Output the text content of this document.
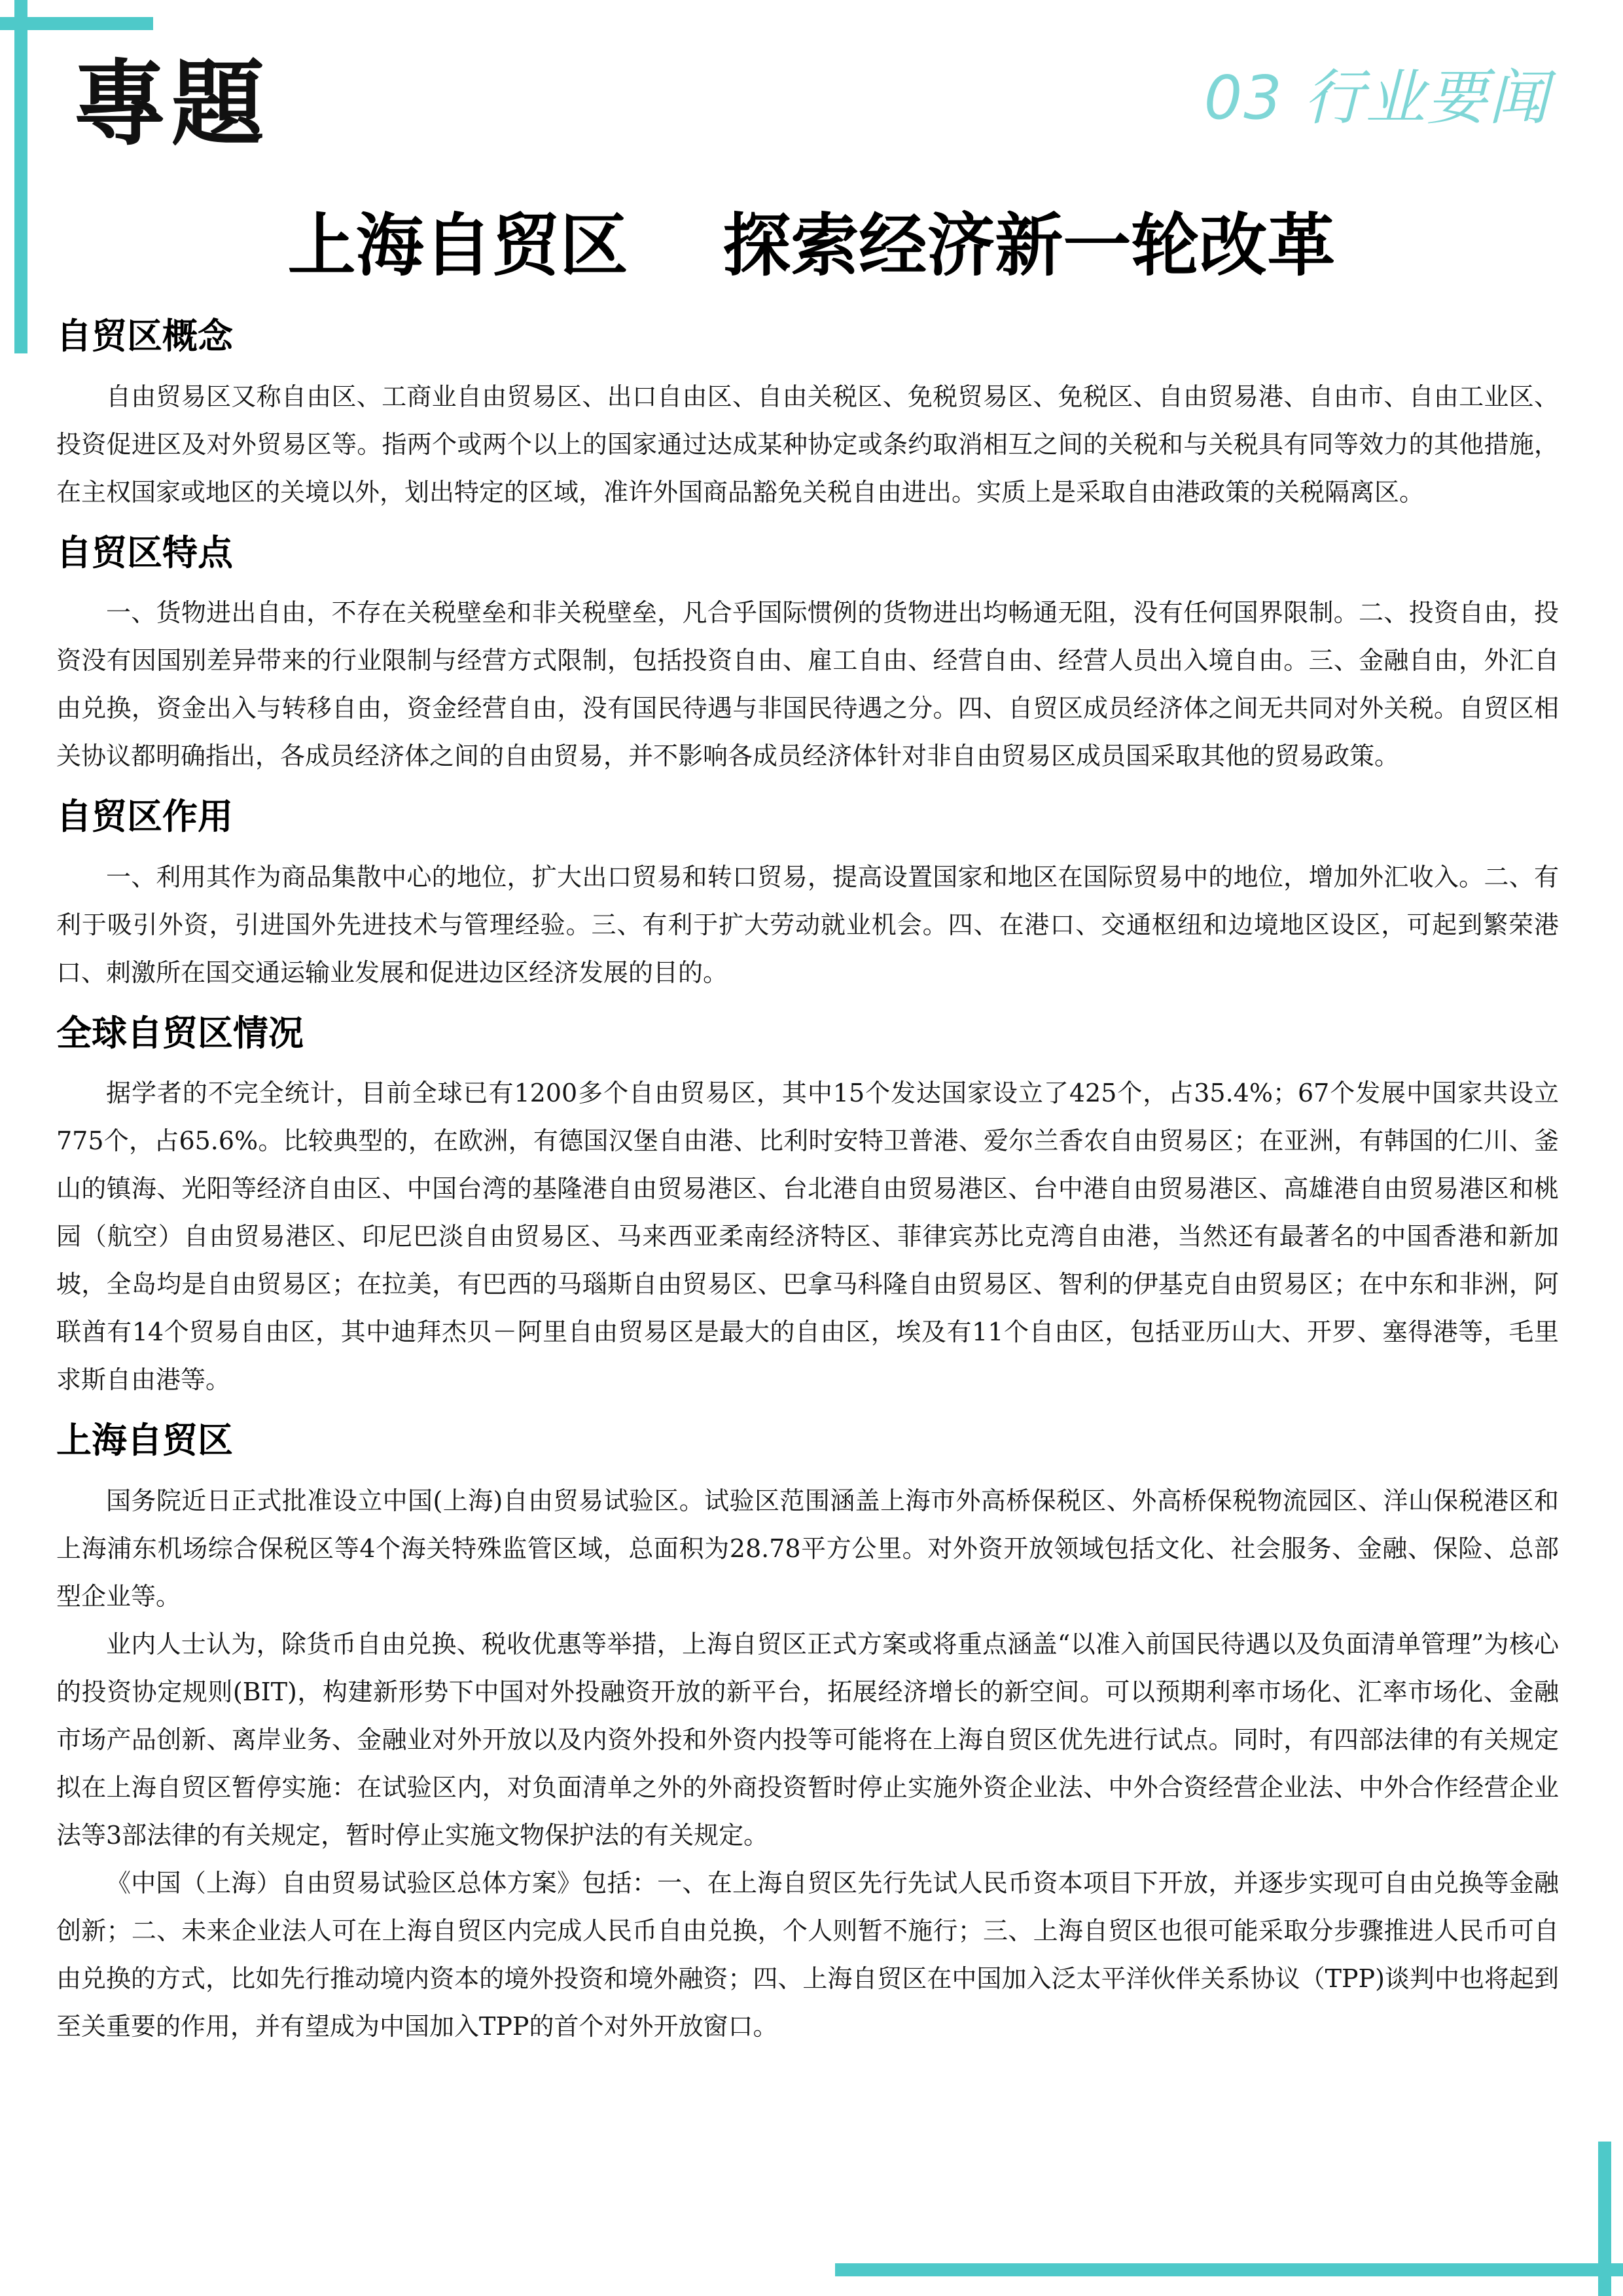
專題	03 行业要闻
上海自贸区    探索经济新一轮改革
自贸区概念

自由贸易区又称自由区、工商业自由贸易区、出口自由区、自由关税区、免税贸易区、免税区、自由贸易港、自由市、自由工业区、投资促进区及对外贸易区等。指两个或两个以上的国家通过达成某种协定或条约取消相互之间的关税和与关税具有同等效力的其他措施，在主权国家或地区的关境以外，划出特定的区域，准许外国商品豁免关税自由进出。实质上是采取自由港政策的关税隔离区。

自贸区特点

一、货物进出自由，不存在关税壁垒和非关税壁垒，凡合乎国际惯例的货物进出均畅通无阻，没有任何国界限制。二、投资自由，投资没有因国别差异带来的行业限制与经营方式限制，包括投资自由、雇工自由、经营自由、经营人员出入境自由。三、金融自由，外汇自由兑换，资金出入与转移自由，资金经营自由，没有国民待遇与非国民待遇之分。四、自贸区成员经济体之间无共同对外关税。自贸区相关协议都明确指出，各成员经济体之间的自由贸易，并不影响各成员经济体针对非自由贸易区成员国采取其他的贸易政策。

自贸区作用

一、利用其作为商品集散中心的地位，扩大出口贸易和转口贸易，提高设置国家和地区在国际贸易中的地位，增加外汇收入。二、有利于吸引外资，引进国外先进技术与管理经验。三、有利于扩大劳动就业机会。四、在港口、交通枢纽和边境地区设区，可起到繁荣港口、刺激所在国交通运输业发展和促进边区经济发展的目的。

全球自贸区情况

据学者的不完全统计，目前全球已有1200多个自由贸易区，其中15个发达国家设立了425个，占35.4%；67个发展中国家共设立775个，占65.6%。比较典型的，在欧洲，有德国汉堡自由港、比利时安特卫普港、爱尔兰香农自由贸易区；在亚洲，有韩国的仁川、釜山的镇海、光阳等经济自由区、中国台湾的基隆港自由贸易港区、台北港自由贸易港区、台中港自由贸易港区、高雄港自由贸易港区和桃园（航空）自由贸易港区、印尼巴淡自由贸易区、马来西亚柔南经济特区、菲律宾苏比克湾自由港，当然还有最著名的中国香港和新加坡，全岛均是自由贸易区；在拉美，有巴西的马瑙斯自由贸易区、巴拿马科隆自由贸易区、智利的伊基克自由贸易区；在中东和非洲，阿联酋有14个贸易自由区，其中迪拜杰贝－阿里自由贸易区是最大的自由区，埃及有11个自由区，包括亚历山大、开罗、塞得港等，毛里求斯自由港等。

上海自贸区

国务院近日正式批准设立中国(上海)自由贸易试验区。试验区范围涵盖上海市外高桥保税区、外高桥保税物流园区、洋山保税港区和上海浦东机场综合保税区等4个海关特殊监管区域，总面积为28.78平方公里。对外资开放领域包括文化、社会服务、金融、保险、总部型企业等。

业内人士认为，除货币自由兑换、税收优惠等举措，上海自贸区正式方案或将重点涵盖“以准入前国民待遇以及负面清单管理”为核心的投资协定规则(BIT)，构建新形势下中国对外投融资开放的新平台，拓展经济增长的新空间。可以预期利率市场化、汇率市场化、金融市场产品创新、离岸业务、金融业对外开放以及内资外投和外资内投等可能将在上海自贸区优先进行试点。同时，有四部法律的有关规定拟在上海自贸区暂停实施：在试验区内，对负面清单之外的外商投资暂时停止实施外资企业法、中外合资经营企业法、中外合作经营企业法等3部法律的有关规定，暂时停止实施文物保护法的有关规定。

《中国（上海）自由贸易试验区总体方案》包括：一、在上海自贸区先行先试人民币资本项目下开放，并逐步实现可自由兑换等金融创新；二、未来企业法人可在上海自贸区内完成人民币自由兑换，个人则暂不施行；三、上海自贸区也很可能采取分步骤推进人民币可自由兑换的方式，比如先行推动境内资本的境外投资和境外融资；四、上海自贸区在中国加入泛太平洋伙伴关系协议（TPP)谈判中也将起到至关重要的作用，并有望成为中国加入TPP的首个对外开放窗口。
